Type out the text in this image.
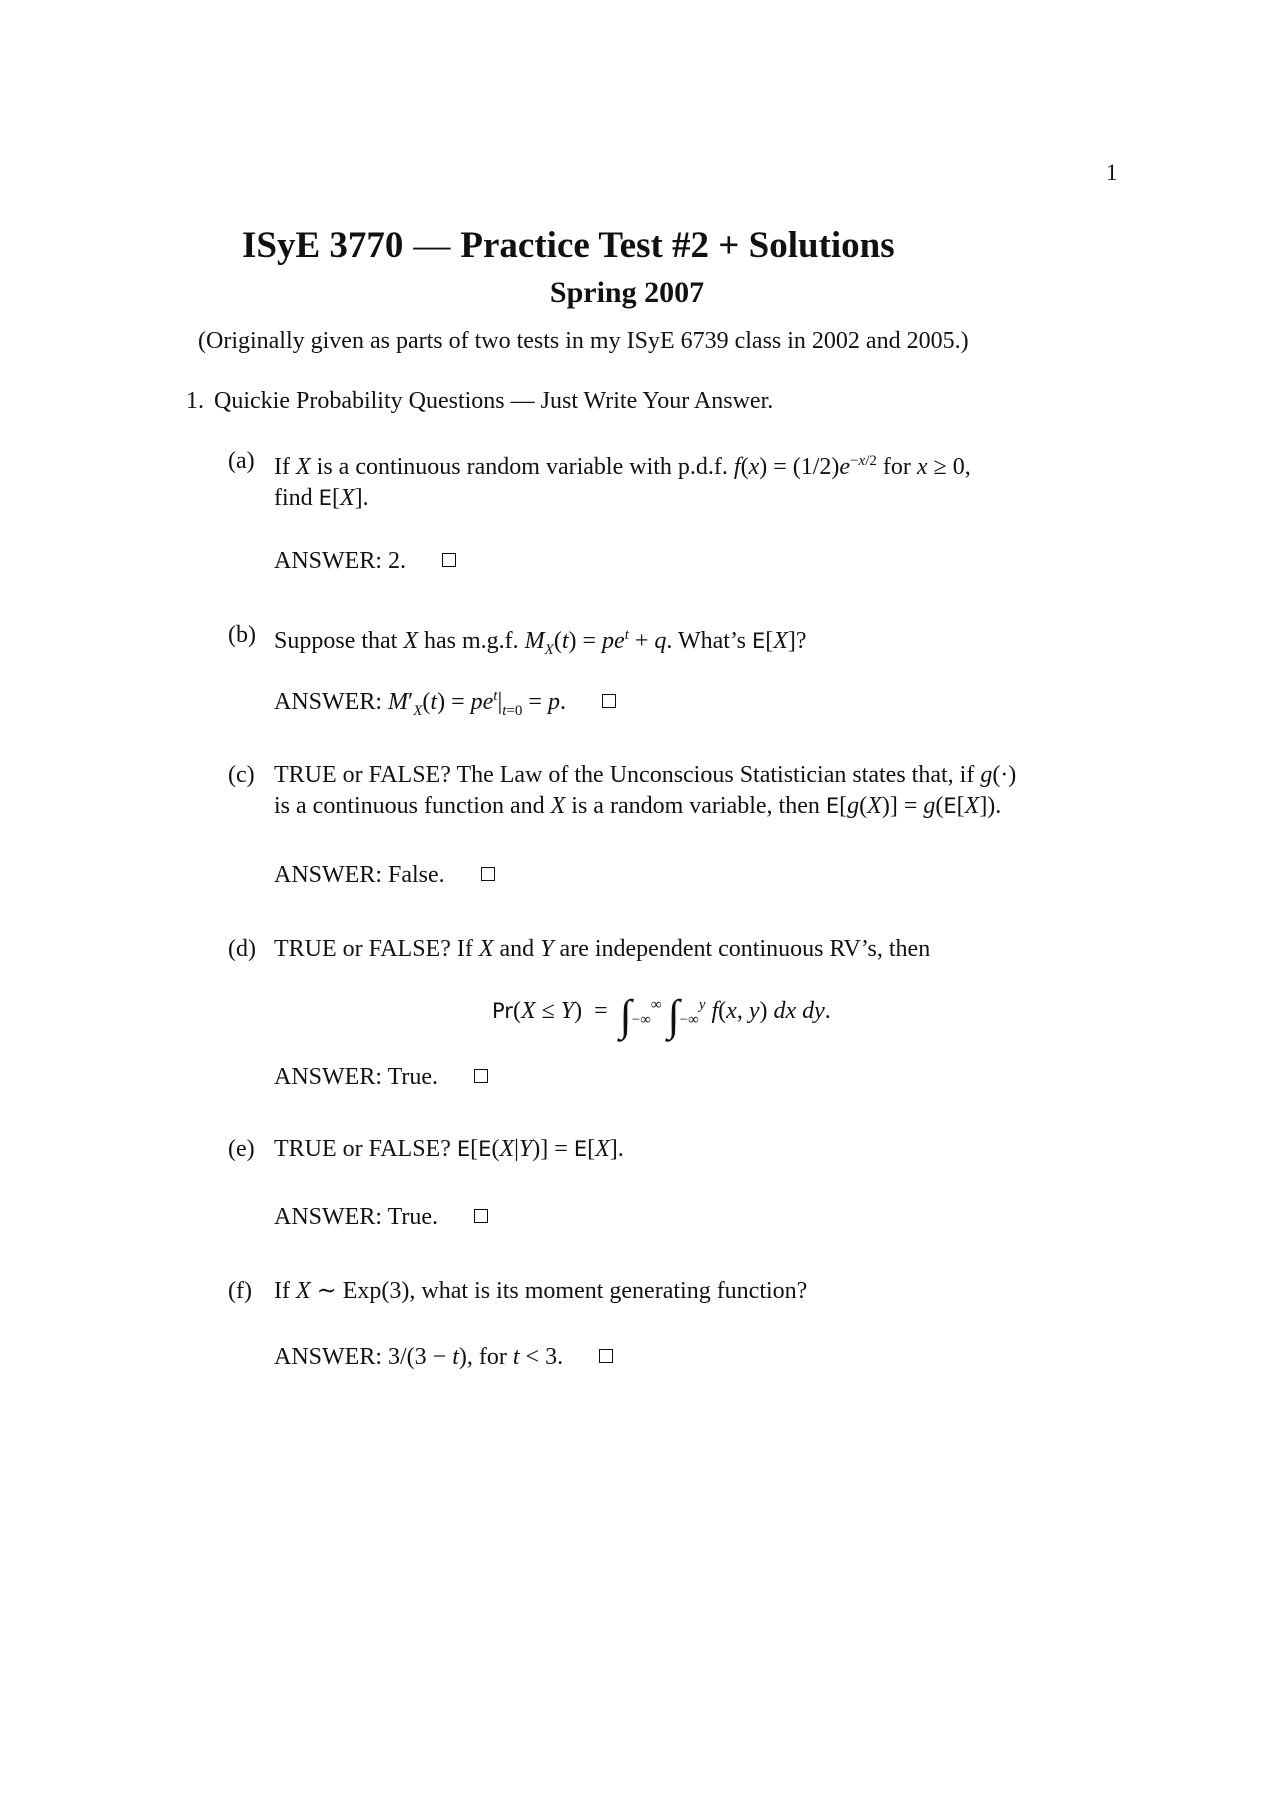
1
ISyE 3770 — Practice Test #2 + Solutions
Spring 2007
(Originally given as parts of two tests in my ISyE 6739 class in 2002 and 2005.)
1. Quickie Probability Questions — Just Write Your Answer.
(a) If X is a continuous random variable with p.d.f. $f(x) = (1/2)e^{-x/2}$ for x ≥ 0,
find E[X].
ANSWER: 2.
(b) Suppose that X has m.g.f. $M_X(t) = pe^t + q$. What’s E[X]?
ANSWER: $M'_X(t) = pe^t|_{t=0} = p$.
(c) TRUE or FALSE? The Law of the Unconscious Statistician states that, if g(·)
is a continuous function and X is a random variable, then E[g(X)] = g(E[X]).
ANSWER: False.
(d) TRUE or FALSE? If X and Y are independent continuous RV’s, then
$Pr(X \le Y) = \int_{-\infty}^\infty$ $\int_{-\infty}^y$ f(x, y) dx dy.
ANSWER: True.
(e) TRUE or FALSE? E[E(X|Y)] = E[X].
ANSWER: True.
(f) If X ∼ Exp(3), what is its moment generating function?
ANSWER: 3/(3 − t), for t < 3.
